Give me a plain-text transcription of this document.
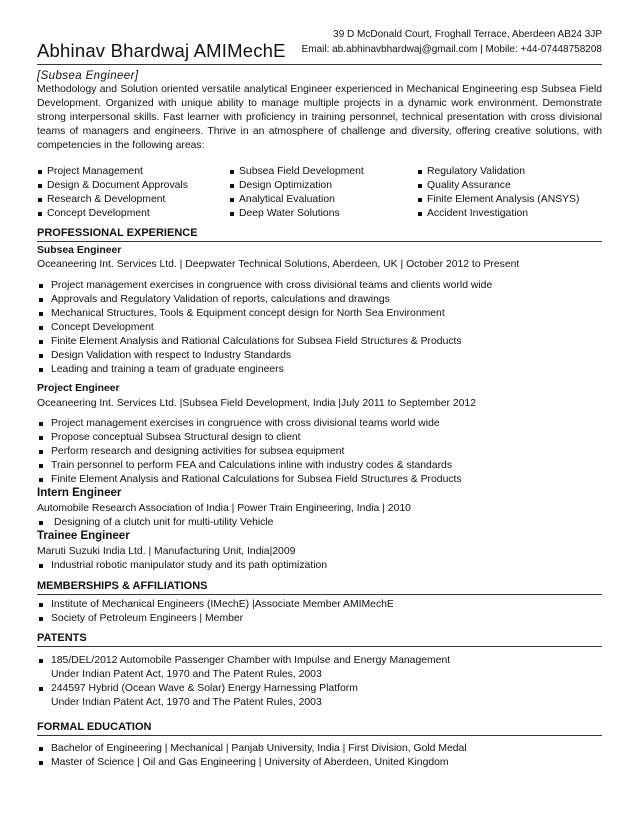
Abhinav Bhardwaj AMIMechE
39 D McDonald Court, Froghall Terrace, Aberdeen AB24 3JP
Email: ab.abhinavbhardwaj@gmail.com | Mobile: +44-07448758208
[Subsea Engineer]
Methodology and Solution oriented versatile analytical Engineer experienced in Mechanical Engineering esp Subsea Field Development. Organized with unique ability to manage multiple projects in a dynamic work environment. Demonstrate strong interpersonal skills. Fast learner with proficiency in training personnel, technical presentation with cross divisional teams of managers and engineers. Thrive in an atmosphere of challenge and diversity, offering creative solutions, with competencies in the following areas:
Project Management
Design & Document Approvals
Research & Development
Concept Development
Subsea Field Development
Design Optimization
Analytical Evaluation
Deep Water Solutions
Regulatory Validation
Quality Assurance
Finite Element Analysis (ANSYS)
Accident Investigation
PROFESSIONAL EXPERIENCE
Subsea Engineer
Oceaneering Int. Services Ltd. | Deepwater Technical Solutions, Aberdeen, UK | October 2012 to Present
Project management exercises in congruence with cross divisional teams and clients world wide
Approvals and Regulatory Validation of reports, calculations and drawings
Mechanical Structures, Tools & Equipment concept design for North Sea Environment
Concept Development
Finite Element Analysis and Rational Calculations for Subsea Field Structures & Products
Design Validation with respect to Industry Standards
Leading and training a team of graduate engineers
Project Engineer
Oceaneering Int. Services Ltd. |Subsea Field Development, India |July 2011 to September 2012
Project management exercises in congruence with cross divisional teams world wide
Propose conceptual Subsea Structural design to client
Perform research and designing activities for subsea equipment
Train personnel to perform FEA and Calculations inline with industry codes & standards
Finite Element Analysis and Rational Calculations for Subsea Field Structures & Products
Intern Engineer
Automobile Research Association of India | Power Train Engineering, India | 2010
Designing of a clutch unit for multi-utility Vehicle
Trainee Engineer
Maruti Suzuki India Ltd. | Manufacturing Unit, India|2009
Industrial robotic manipulator study and its path optimization
MEMBERSHIPS & AFFILIATIONS
Institute of Mechanical Engineers (IMechE) |Associate Member AMIMechE
Society of Petroleum Engineers | Member
PATENTS
185/DEL/2012 Automobile Passenger Chamber with Impulse and Energy Management
Under Indian Patent Act, 1970 and The Patent Rules, 2003
244597 Hybrid (Ocean Wave & Solar) Energy Harnessing Platform
Under Indian Patent Act, 1970 and The Patent Rules, 2003
FORMAL EDUCATION
Bachelor of Engineering | Mechanical | Panjab University, India | First Division, Gold Medal
Master of Science | Oil and Gas Engineering | University of Aberdeen, United Kingdom
